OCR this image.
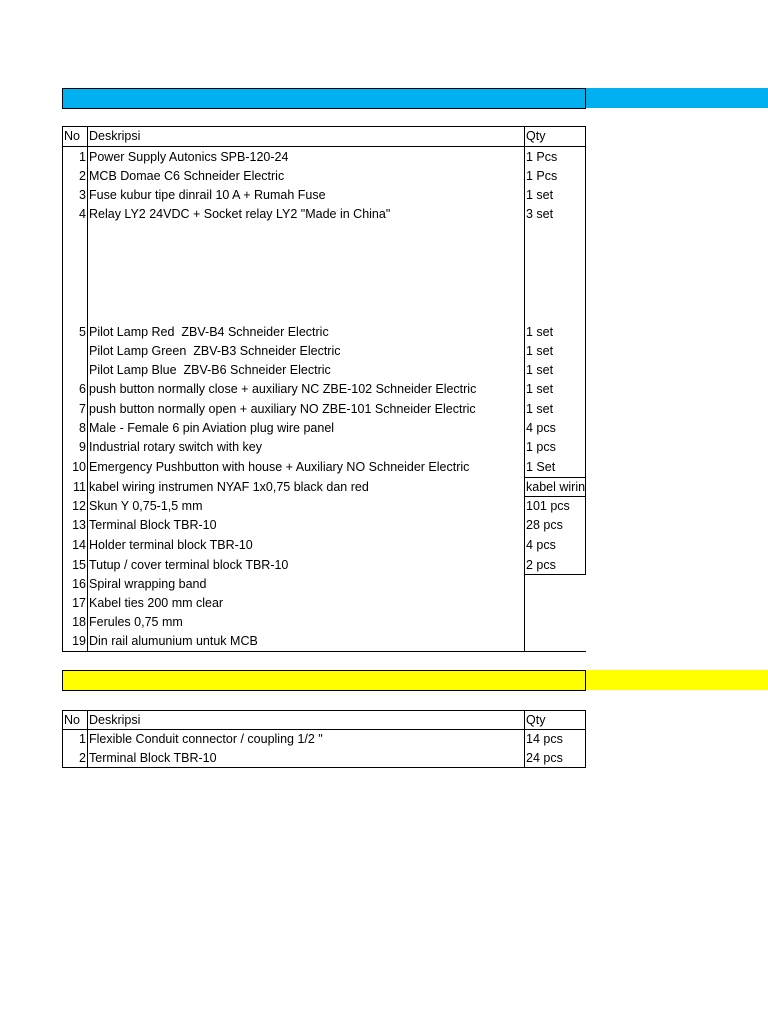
No Deskripsi	Qty
1 Power Supply Autonics SPB-120-24	1 Pcs
2 MCB Domae C6 Schneider Electric	1 Pcs
3 Fuse kubur tipe dinrail 10 A + Rumah Fuse	1 set
4 Relay LY2 24VDC + Socket relay LY2 "Made in China"	3 set
5 Pilot Lamp Red  ZBV-B4 Schneider Electric	1 set
Pilot Lamp Green  ZBV-B3 Schneider Electric	1 set
Pilot Lamp Blue  ZBV-B6 Schneider Electric	1 set
6 push button normally close + auxiliary NC ZBE-102 Schneider Electric	1 set
7 push button normally open + auxiliary NO ZBE-101 Schneider Electric	1 set
8 Male - Female 6 pin Aviation plug wire panel	4 pcs
9 Industrial rotary switch with key	1 pcs
10 Emergency Pushbutton with house + Auxiliary NO Schneider Electric	1 Set
11 kabel wiring instrumen NYAF 1x0,75 black dan red	kabel wirin
12 Skun Y 0,75-1,5 mm	101 pcs
13 Terminal Block TBR-10	28 pcs
14 Holder terminal block TBR-10	4 pcs
15 Tutup / cover terminal block TBR-10	2 pcs
16 Spiral wrapping band
17 Kabel ties 200 mm clear
18 Ferules 0,75 mm
19 Din rail alumunium untuk MCB
No Deskripsi	Qty
1 Flexible Conduit connector / coupling 1/2 "	14 pcs
2 Terminal Block TBR-10	24 pcs
